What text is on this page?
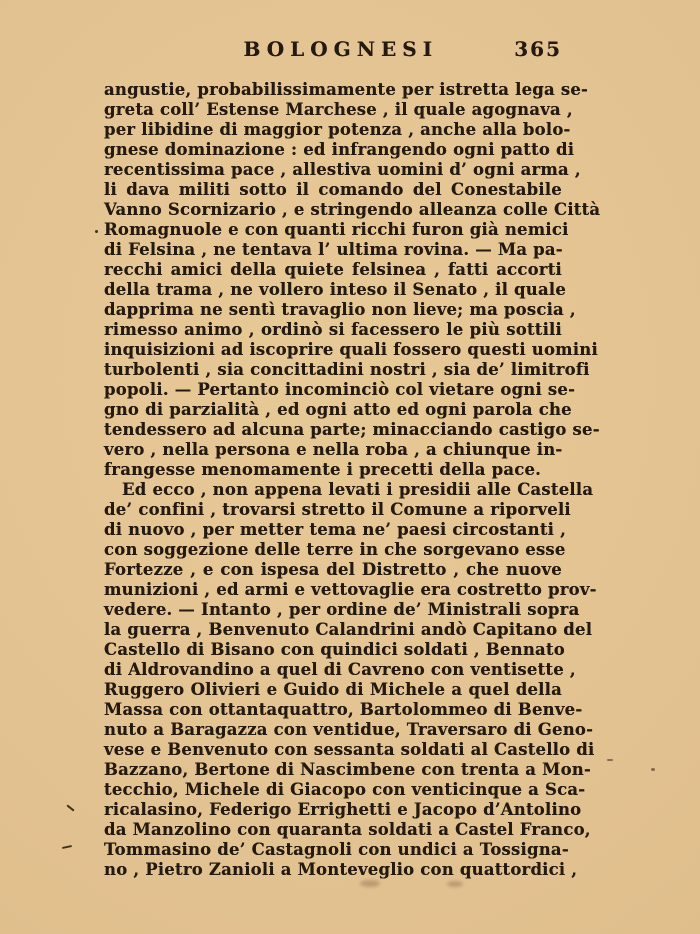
BOLOGNESI	365
angustie, probabilissimamente per istretta lega se-
greta coll’ Estense Marchese , il quale agognava ,
per libidine di maggior potenza , anche alla bolo-
gnese dominazione : ed infrangendo ogni patto di
recentissima pace , allestiva uomini d’ ogni arma ,
li dava militi sotto il comando del Conestabile
Vanno Scornizario , e stringendo alleanza colle Città
Romagnuole e con quanti ricchi furon già nemici
di Felsina , ne tentava l’ ultima rovina. — Ma pa-
recchi amici della quiete felsinea , fatti accorti
della trama , ne vollero inteso il Senato , il quale
dapprima ne sentì travaglio non lieve; ma poscia ,
rimesso animo , ordinò si facessero le più sottili
inquisizioni ad iscoprire quali fossero questi uomini
turbolenti , sia concittadini nostri , sia de’ limitrofi
popoli. — Pertanto incominciò col vietare ogni se-
gno di parzialità , ed ogni atto ed ogni parola che
tendessero ad alcuna parte; minacciando castigo se-
vero , nella persona e nella roba , a chiunque in-
frangesse menomamente i precetti della pace.
Ed ecco , non appena levati i presidii alle Castella
de’ confini , trovarsi stretto il Comune a riporveli
di nuovo , per metter tema ne’ paesi circostanti ,
con soggezione delle terre in che sorgevano esse
Fortezze , e con ispesa del Distretto , che nuove
munizioni , ed armi e vettovaglie era costretto prov-
vedere. — Intanto , per ordine de’ Ministrali sopra
la guerra , Benvenuto Calandrini andò Capitano del
Castello di Bisano con quindici soldati , Bennato
di Aldrovandino a quel di Cavreno con ventisette ,
Ruggero Olivieri e Guido di Michele a quel della
Massa con ottantaquattro, Bartolommeo di Benve-
nuto a Baragazza con ventidue, Traversaro di Geno-
vese e Benvenuto con sessanta soldati al Castello di
Bazzano, Bertone di Nascimbene con trenta a Mon-
tecchio, Michele di Giacopo con venticinque a Sca-
ricalasino, Federigo Errighetti e Jacopo d’Antolino
da Manzolino con quaranta soldati a Castel Franco,
Tommasino de’ Castagnoli con undici a Tossigna-
no , Pietro Zanioli a Monteveglio con quattordici ,
